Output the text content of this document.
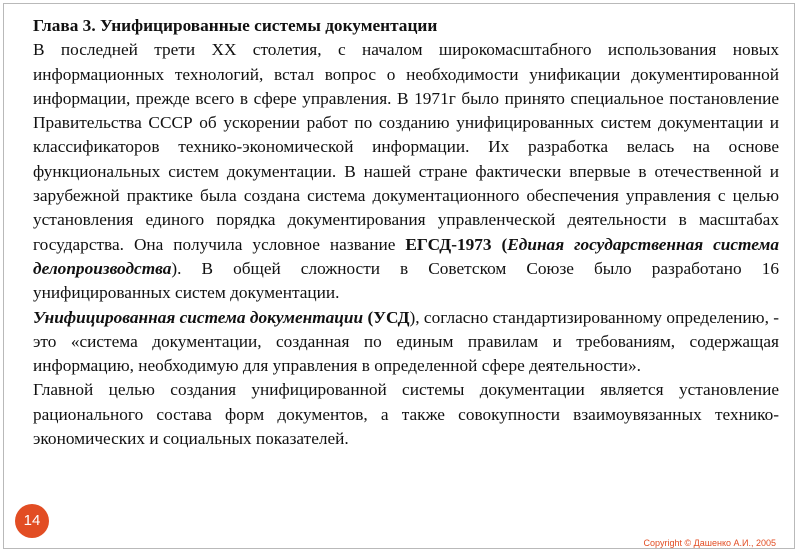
Глава 3. Унифицированные системы документации

В последней трети XX столетия, с началом широкомасштабного использования новых информационных технологий, встал вопрос о необходимости унификации документированной информации, прежде всего в сфере управления. В 1971г было принято специальное постановление Правительства СССР об ускорении работ по созданию унифицированных систем документации и классификаторов технико-экономической информации. Их разработка велась на основе функциональных систем документации. В нашей стране фактически впервые в отечественной и зарубежной практике была создана система документационного обеспечения управления с целью установления единого порядка документирования управленческой деятельности в масштабах государства. Она получила условное название ЕГСД-1973 (Единая государственная система делопроизводства). В общей сложности в Советском Союзе было разработано 16 унифицированных систем документации.

Унифицированная система документации (УСД), согласно стандартизированному определению, - это «система документации, созданная по единым правилам и требованиям, содержащая информацию, необходимую для управления в определенной сфере деятельности».

Главной целью создания унифицированной системы документации является установление рационального состава форм документов, а также совокупности взаимоувязанных технико-экономических и социальных показателей.

14
Copyright © Дашенко А.И., 2005
